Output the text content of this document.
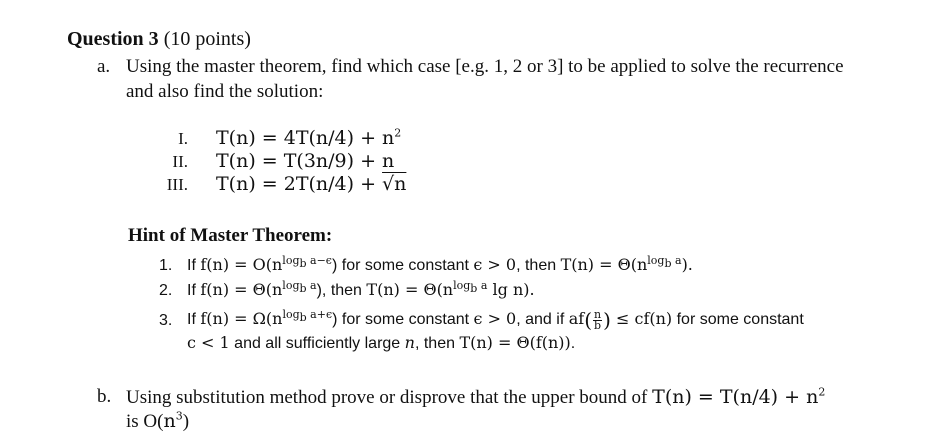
Question 3 (10 points)
a. Using the master theorem, find which case [e.g. 1, 2 or 3] to be applied to solve the recurrence
and also find the solution:
I. $T(n) = 4T(n/4) + n^2$
II. T(n) = T(3n/9) + n
III. T(n) = 2T(n/4) + √n
Hint of Master Theorem:
1. If $f(n) = O(n^{log_b a-\epsilon})$ for some constant ϵ > 0, then $T(n) = \Theta(n^{log_b a})$.
2. If $f(n) = \Theta(n^{log_b a})$, then $T(n) = \Theta(n^{log_b a}$ lg n).
3. If $f(n) = \Omega(n^{log_b a+\epsilon})$ for some constant ϵ > 0, and if $af( \frac{n}{b}$ ) ≤ cf(n) for some constant
c < 1 and all sufficiently large n, then T(n) = Θ(f(n)).
b. Using substitution method prove or disprove that the upper bound of $T(n) = T(n/4) + n^2$
is $O(n^3)$
